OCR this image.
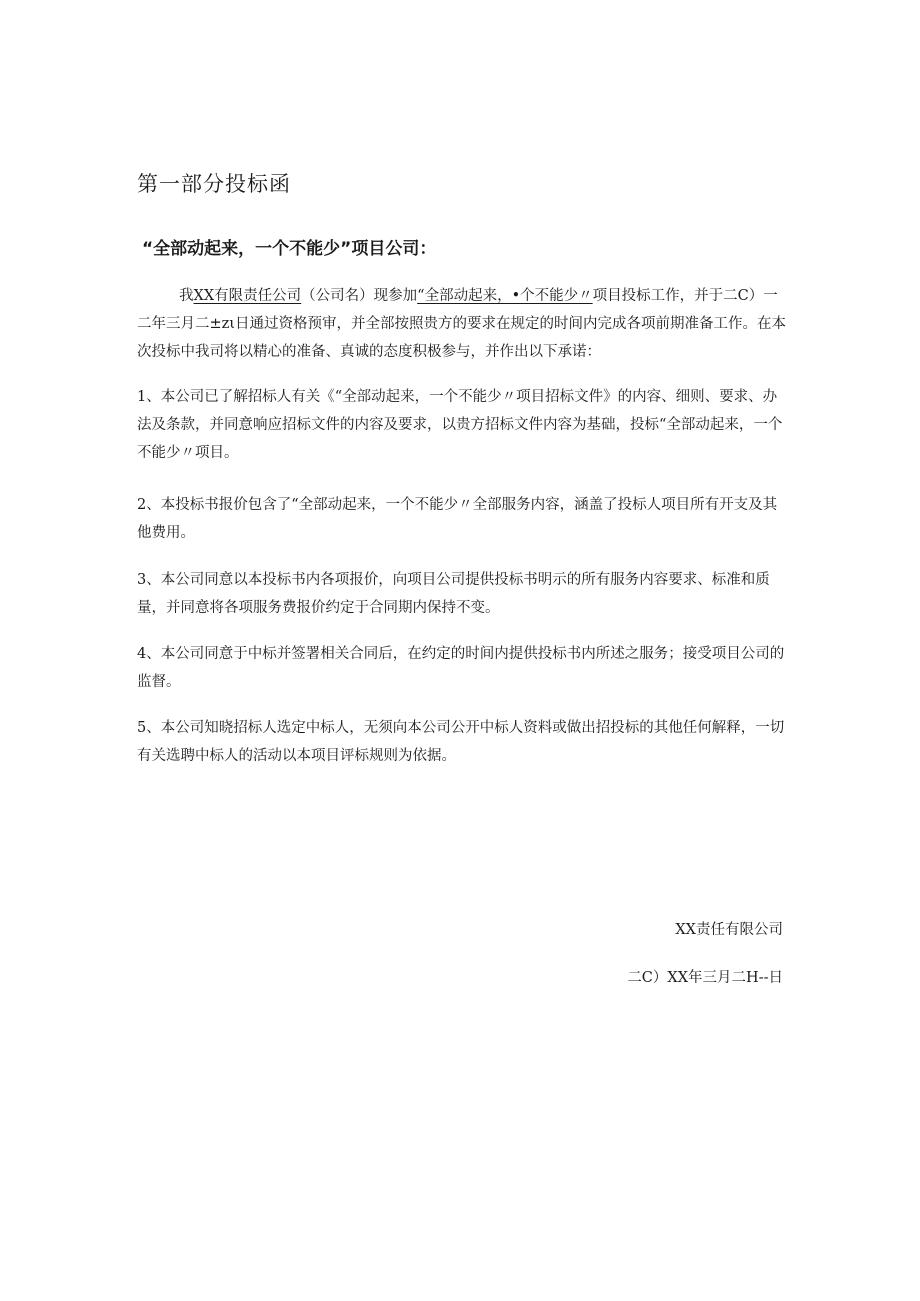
第一部分投标函
“全部动起来，一个不能少”项目公司：

我XX有限责任公司（公司名）现参加“全部动起来，•个不能少〃项目投标工作，并于二C）一二年三月二±zι日通过资格预审，并全部按照贵方的要求在规定的时间内完成各项前期准备工作。在本次投标中我司将以精心的准备、真诚的态度积极参与，并作出以下承诺：

1、本公司已了解招标人有关《“全部动起来，一个不能少〃项目招标文件》的内容、细则、要求、办法及条款，并同意响应招标文件的内容及要求，以贵方招标文件内容为基础，投标“全部动起来，一个不能少〃项目。

2、本投标书报价包含了“全部动起来，一个不能少〃全部服务内容，涵盖了投标人项目所有开支及其他费用。

3、本公司同意以本投标书内各项报价，向项目公司提供投标书明示的所有服务内容要求、标准和质量，并同意将各项服务费报价约定于合同期内保持不变。

4、本公司同意于中标并签署相关合同后，在约定的时间内提供投标书内所述之服务；接受项目公司的监督。

5、本公司知晓招标人选定中标人，无须向本公司公开中标人资料或做出招投标的其他任何解释，一切有关选聘中标人的活动以本项目评标规则为依据。

XX责任有限公司

二C）XX年三月二H--日
